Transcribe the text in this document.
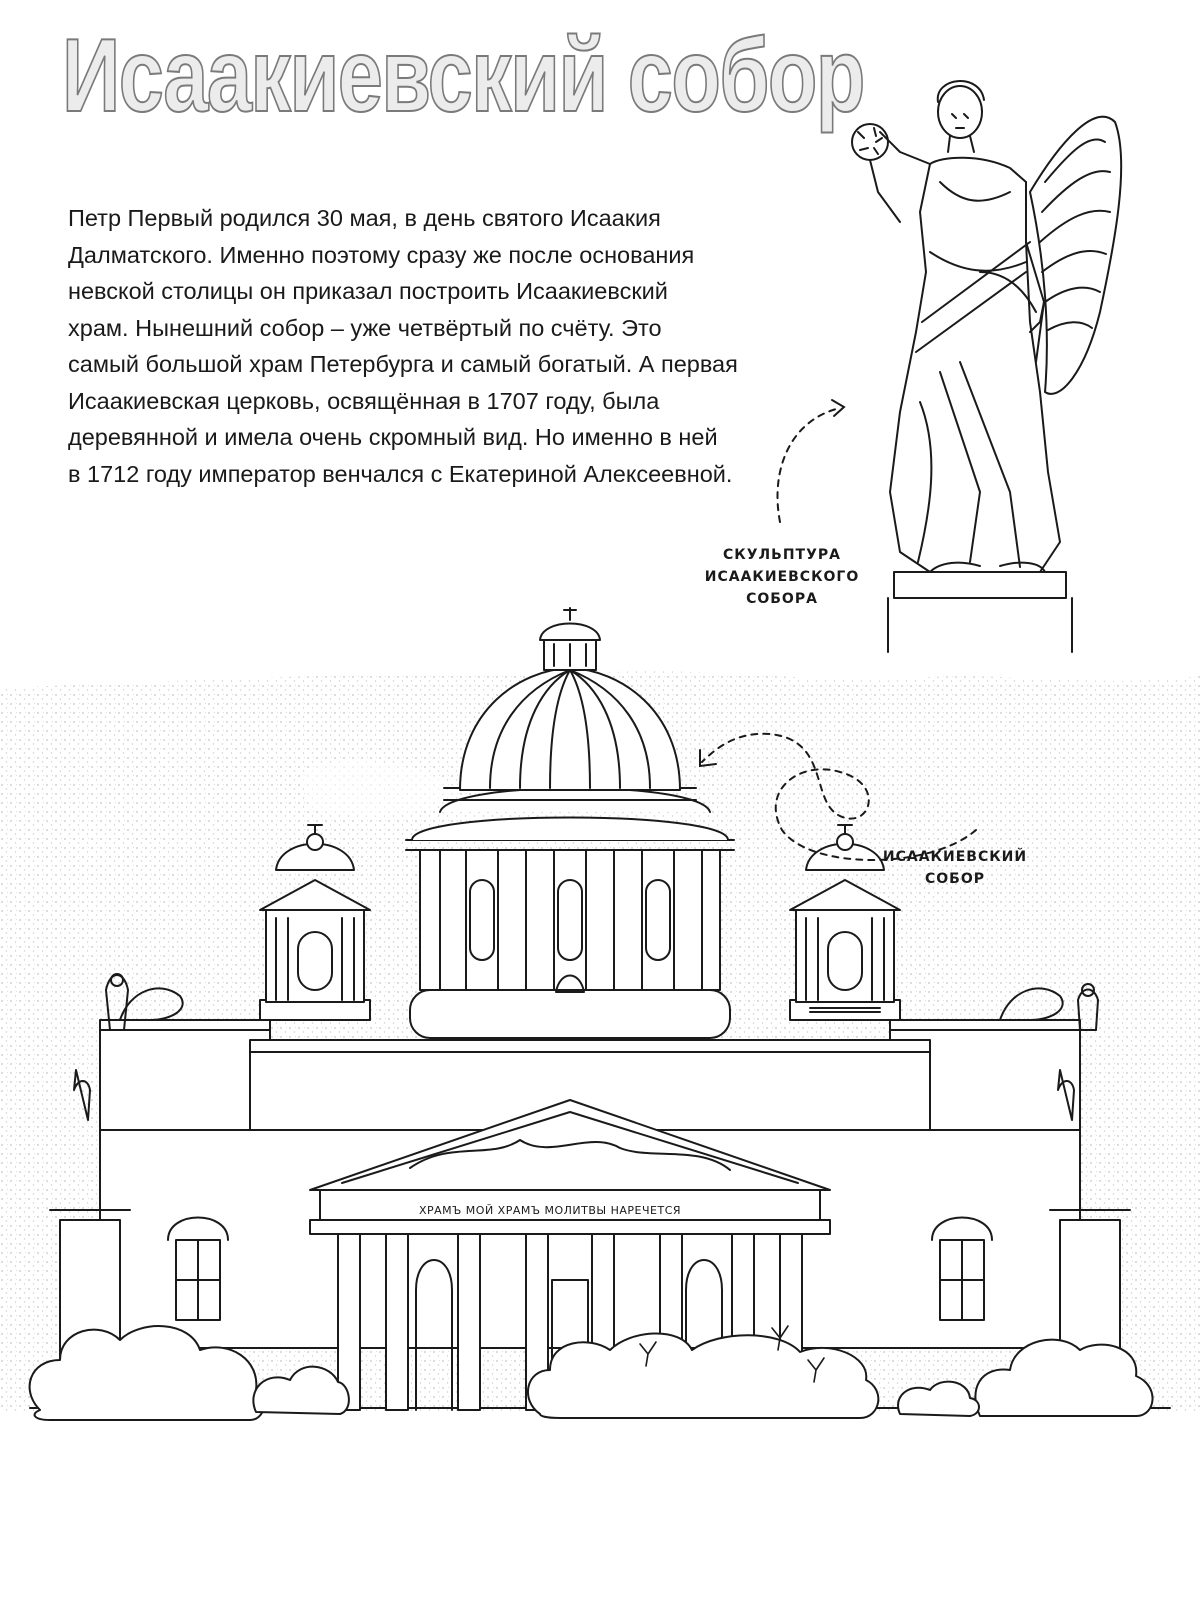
Исаакиевский собор
Петр Первый родился 30 мая, в день святого Исаакия
Далматского. Именно поэтому сразу же после основания
невской столицы он приказал построить Исаакиевский
храм. Нынешний собор – уже четвёртый по счёту. Это
самый большой храм Петербурга и самый богатый. А первая
Исаакиевская церковь, освящённая в 1707 году, была
деревянной и имела очень скромный вид. Но именно в ней
в 1712 году император венчался с Екатериной Алексеевной.
СКУЛЬПТУРА
ИСААКИЕВСКОГО
СОБОРА
ХРАМЪ МОЙ ХРАМЪ МОЛИТВЫ НАРЕЧЕТСЯ
ИСААКИЕВСКИЙ
СОБОР
